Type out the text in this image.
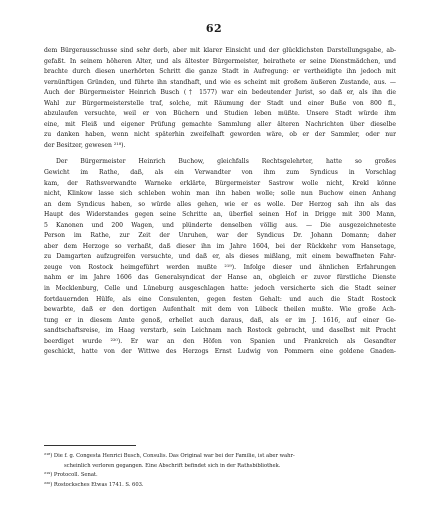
62
dem Bürgerausschusse sind sehr derb, aber mit klarer Einsicht und der glücklichsten Darstellungsgabe, ab-
gefaßt. In seinem höheren Alter, und als ältester Bürgermeister, heirathete er seine Dienstmädchen, und
brachte durch diesen unerhörten Schritt die ganze Stadt in Aufregung: er vertheidigte ihn jedoch mit
vernünftigen Gründen, und führte ihn standhaft, und wie es scheint mit großem äußeren Zustande, aus. —
Auch der Bürgermeister Heinrich Busch († 1577) war ein bedeutender Jurist, so daß er, als ihn die
Wahl zur Bürgermeisterstelle traf, solche, mit Räumung der Stadt und einer Buße von 800 fl.,
abzulaufen versuchte, weil er von Büchern und Studien leben müßte. Unsere Stadt würde ihm
eine, mit Fleiß und eigener Prüfung gemachte Sammlung aller älteren Nachrichten über dieselbe
zu danken haben, wenn nicht späterhin zweifelhaft geworden wäre, ob er der Sammler, oder nur
der Besitzer, gewesen ²¹⁸).
Der Bürgermeister Heinrich Buchow, gleichfalls Rechtsgelehrter, hatte so großes
Gewicht im Rathe, daß, als ein Verwandter von ihm zum Syndicus in Vorschlag
kam, der Rathsverwandte Warneke erklärte, Bürgermeister Sastrow wolle nicht, Krekl könne
nicht, Klinkow lasse sich schleben wohin man ihn haben wolle; solle nun Buchow einen Anhang
an dem Syndicus haben, so würde alles gehen, wie er es wolle. Der Herzog sah ihn als das
Haupt des Widerstandes gegen seine Schritte an, überfiel seinen Hof in Drigge mit 300 Mann,
5 Kanonen und 200 Wagen, und plünderte denselben völlig aus. — Die ausgezeichneteste
Person im Rathe, zur Zeit der Unruhen, war der Syndicus Dr. Johann Domann; daher
aber dem Herzoge so verhaßt, daß dieser ihn im Jahre 1604, bei der Rückkehr vom Hansetage,
zu Damgarten aufzugreifen versuchte, und daß er, als dieses mißlang, mit einem bewaffneten Fahr-
zeuge von Rostock heimgeführt werden mußte ²¹⁹). Infolge dieser und ähnlichen Erfahrungen
nahm er im Jahre 1606 das Generalsyndicat der Hanse an, obgleich er zuvor fürstliche Dienste
in Mecklenburg, Celle und Lüneburg ausgeschlagen hatte: jedoch versicherte sich die Stadt seiner
fortdauernden Hülfe, als eine Consulenten, gegen festen Gehalt: und auch die Stadt Rostock
bewarbte, daß er den dortigen Aufenthalt mit dem von Lübeck theilen mußte. Wie große Ach-
tung er in diesem Amte genoß, erhellet auch daraus, daß, als er im J. 1616, auf einer Ge-
sandtschaftsreise, im Haag verstarb, sein Leichnam nach Rostock gebracht, und daselbst mit Pracht
beerdiget wurde ²²⁰). Er war an den Höfen von Spanien und Frankreich als Gesandter
geschickt, hatte von der Wittwe des Herzogs Ernst Ludwig von Pommern eine goldene Gnaden-
²¹⁸) Die f. g. Congesta Henrici Busch, Consulis. Das Original war bei der Familie, ist aber wahr-
scheinlich verloren gegangen. Eine Abschrift befindet sich in der Rathsbibliothek.
²¹⁹) Protocoll. Senat.
²²⁰) Rostocksches Etwas 1741. S. 603.
